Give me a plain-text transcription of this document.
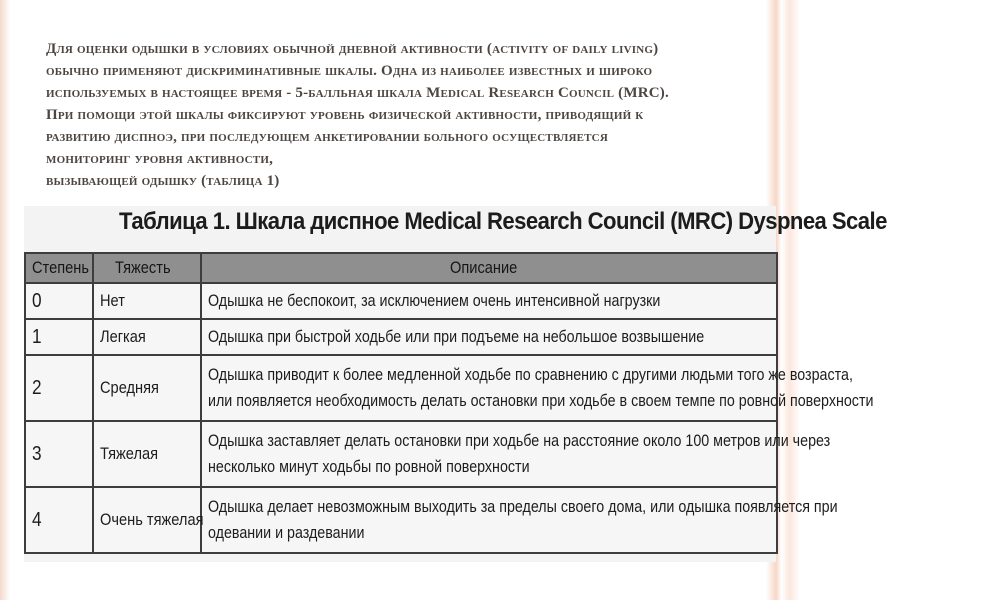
Для оценки одышки в условиях обычной дневной активности (activity of daily living)
обычно применяют дискриминативные шкалы. Одна из наиболее известных и широко
используемых в настоящее время - 5-балльная шкала Medical Research Council (MRC).
При помощи этой шкалы фиксируют уровень физической активности, приводящий к
развитию диспноэ, при последующем анкетировании больного осуществляется
мониторинг уровня активности,
вызывающей одышку (таблица 1)
Таблица 1. Шкала диспное Medical Research Council (MRC) Dyspnea Scale
Степень	Тяжесть	Описание
0	Нет	Одышка не беспокоит, за исключением очень интенсивной нагрузки
1	Легкая	Одышка при быстрой ходьбе или при подъеме на небольшое возвышение
2	Средняя	Одышка приводит к более медленной ходьбе по сравнению с другими людьми того же возраста,
или появляется необходимость делать остановки при ходьбе в своем темпе по ровной поверхности
3	Тяжелая	Одышка заставляет делать остановки при ходьбе на расстояние около 100 метров или через
несколько минут ходьбы по ровной поверхности
4	Очень тяжелая	Одышка делает невозможным выходить за пределы своего дома, или одышка появляется при
одевании и раздевании
